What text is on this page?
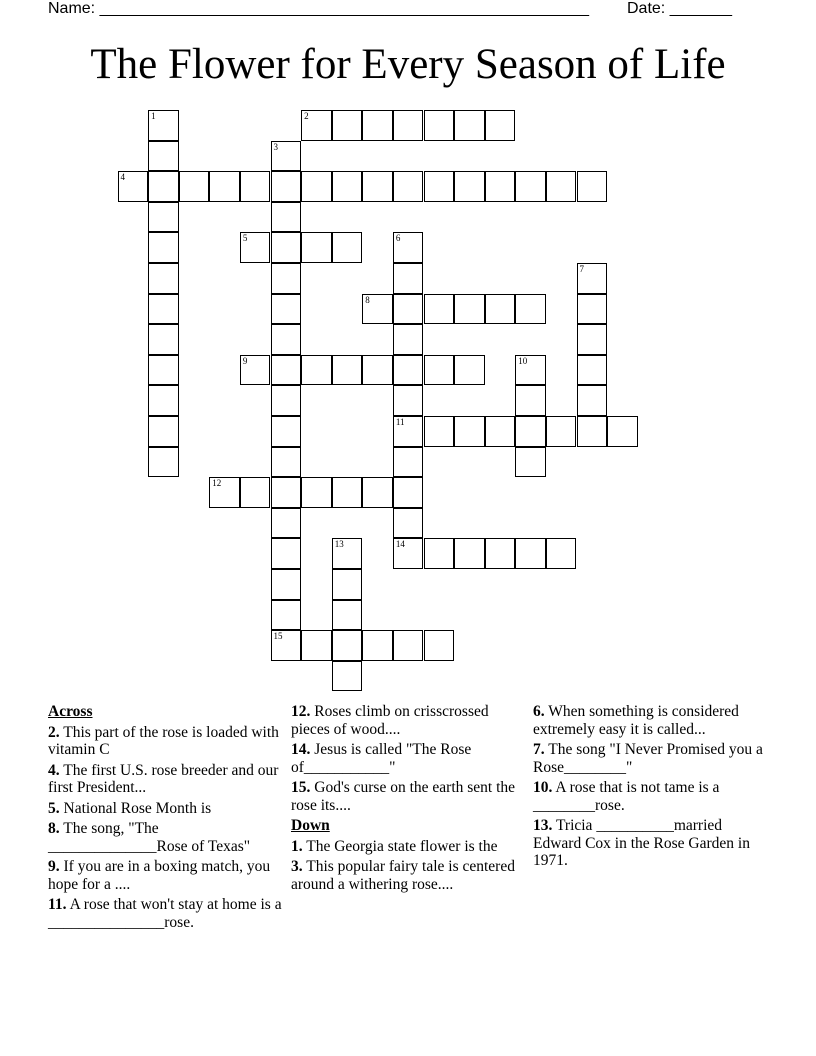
Name: _______________________________________________________ Date: _______
The Flower for Every Season of Life
1	2
3
4
5	6
11
14
7
8
9	10
12
13
15
Across
2. This part of the rose is loaded with vitamin C
4. The first U.S. rose breeder and our first President...
5. National Rose Month is
8. The song, "The ______________Rose of Texas"
9. If you are in a boxing match, you hope for a ....
11. A rose that won't stay at home is a _______________rose.
12. Roses climb on crisscrossed pieces of wood....
14. Jesus is called "The Rose of___________"
15. God's curse on the earth sent the rose its....
Down
1. The Georgia state flower is the
3. This popular fairy tale is centered around a withering rose....
6. When something is considered extremely easy it is called...
7. The song "I Never Promised you a Rose________"
10. A rose that is not tame is a ________rose.
13. Tricia __________married Edward Cox in the Rose Garden in 1971.
